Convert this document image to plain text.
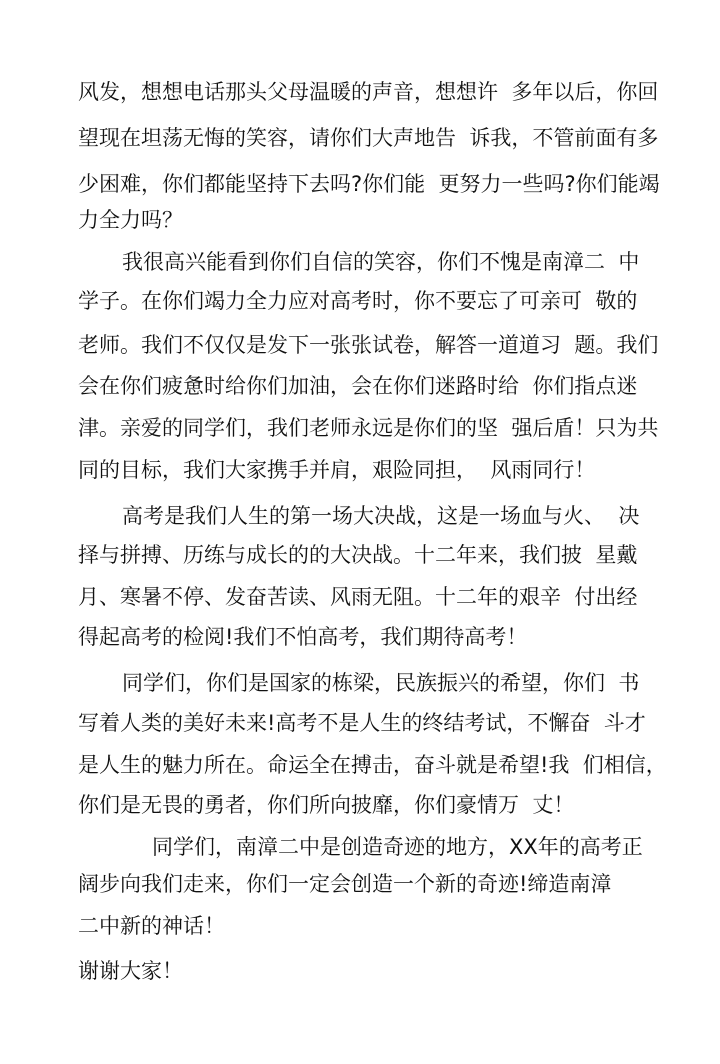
风发，想想电话那头父母温暖的声音，想想许  多年以后，你回
望现在坦荡无悔的笑容，请你们大声地告  诉我，不管前面有多
少困难，你们都能坚持下去吗?你们能  更努力一些吗?你们能竭
力全力吗？
我很高兴能看到你们自信的笑容，你们不愧是南漳二  中
学子。在你们竭力全力应对高考时，你不要忘了可亲可  敬的
老师。我们不仅仅是发下一张张试卷，解答一道道习  题。我们
会在你们疲惫时给你们加油，会在你们迷路时给  你们指点迷
津。亲爱的同学们，我们老师永远是你们的坚  强后盾！只为共
同的目标，我们大家携手并肩，艰险同担，  风雨同行！
高考是我们人生的第一场大决战，这是一场血与火、  决
择与拼搏、历练与成长的的大决战。十二年来，我们披  星戴
月、寒暑不停、发奋苦读、风雨无阻。十二年的艰辛  付出经
得起高考的检阅!我们不怕高考，我们期待高考！
同学们，你们是国家的栋梁，民族振兴的希望，你们  书
写着人类的美好未来!高考不是人生的终结考试，不懈奋  斗才
是人生的魅力所在。命运全在搏击，奋斗就是希望!我  们相信，
你们是无畏的勇者，你们所向披靡，你们豪情万  丈！
同学们，南漳二中是创造奇迹的地方，XX年的高考正
阔步向我们走来，你们一定会创造一个新的奇迹!缔造南漳
二中新的神话！
谢谢大家！
